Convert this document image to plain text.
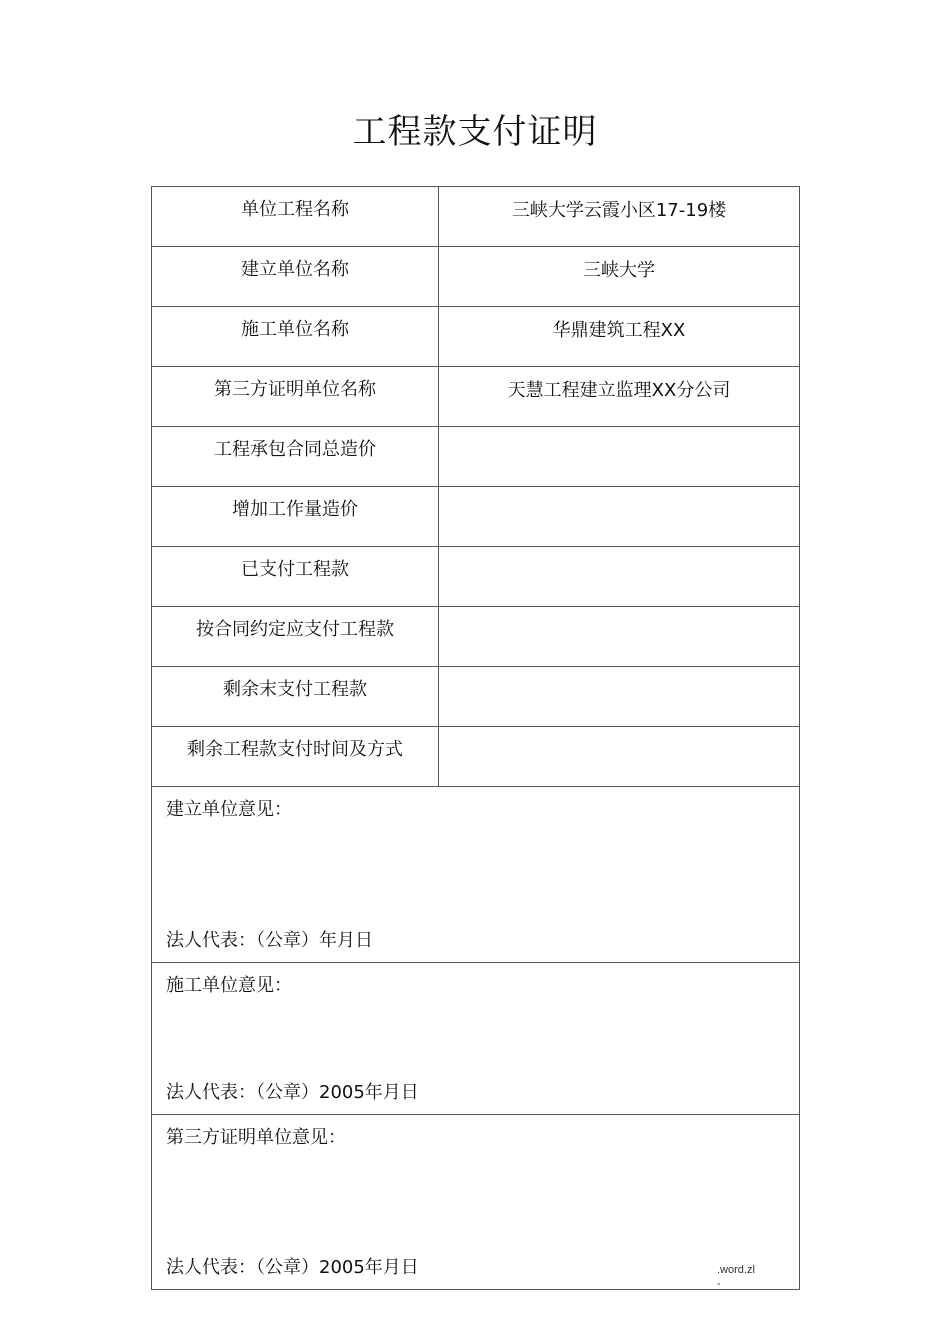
工程款支付证明
单位工程名称	三峡大学云霞小区17-19楼
建立单位名称	三峡大学
施工单位名称	华鼎建筑工程XX
第三方证明单位名称	天慧工程建立监理XX分公司
工程承包合同总造价	
增加工作量造价	
已支付工程款	
按合同约定应支付工程款	
剩余末支付工程款	
剩余工程款支付时间及方式	

建立单位意见：
法人代表：（公章）年月日	

施工单位意见：
法人代表：（公章）2005年月日	

第三方证明单位意见：
法人代表：（公章）2005年月日		.word.zl
-
